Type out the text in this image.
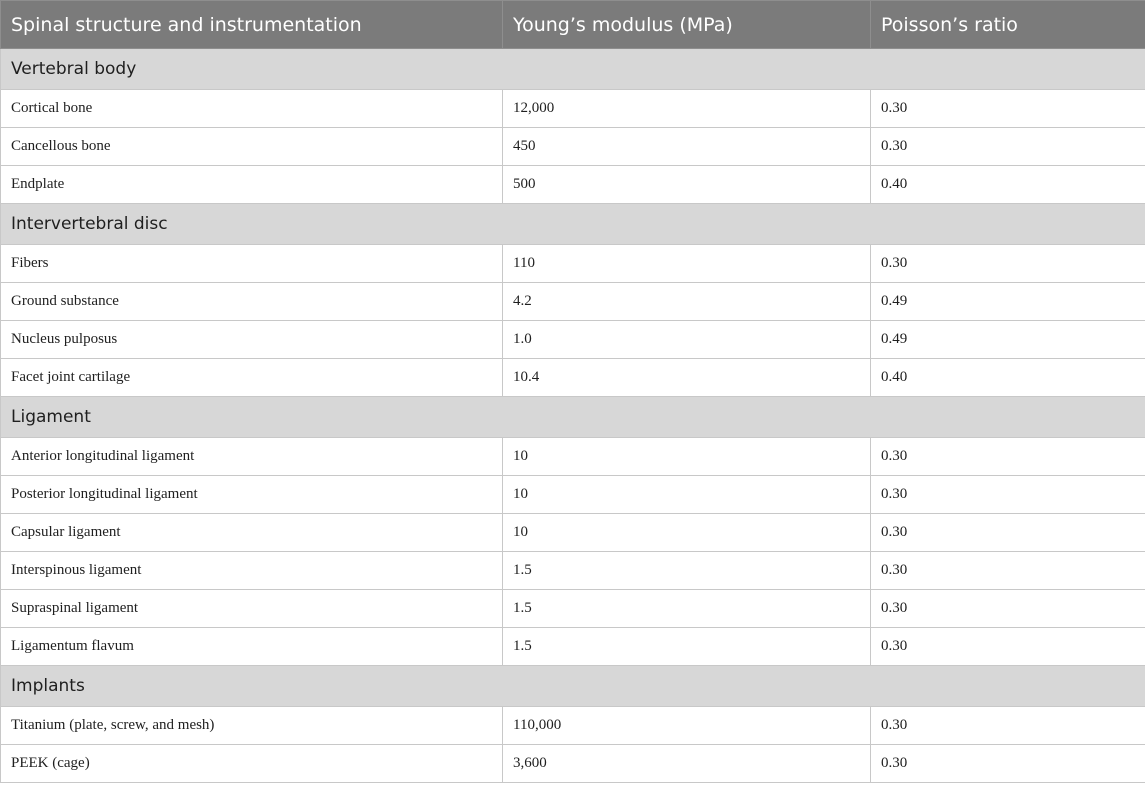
Spinal structure and instrumentation	Young’s modulus (MPa)	Poisson’s ratio
Vertebral body		
Cortical bone	12,000	0.30
Cancellous bone	450	0.30
Endplate	500	0.40
Intervertebral disc		
Fibers	110	0.30
Ground substance	4.2	0.49
Nucleus pulposus	1.0	0.49
Facet joint cartilage	10.4	0.40
Ligament		
Anterior longitudinal ligament	10	0.30
Posterior longitudinal ligament	10	0.30
Capsular ligament	10	0.30
Interspinous ligament	1.5	0.30
Supraspinal ligament	1.5	0.30
Ligamentum flavum	1.5	0.30
Implants		
Titanium (plate, screw, and mesh)	110,000	0.30
PEEK (cage)	3,600	0.30
